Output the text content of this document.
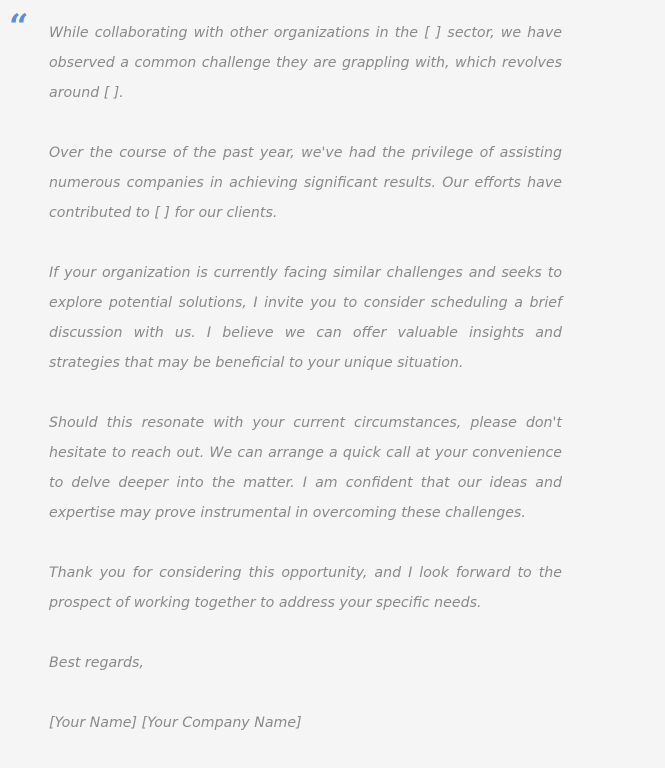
“ While collaborating with other organizations in the [ ] sector, we have observed a common challenge they are grappling with, which revolves around [ ].

Over the course of the past year, we've had the privilege of assisting numerous companies in achieving significant results. Our efforts have contributed to [ ] for our clients.

If your organization is currently facing similar challenges and seeks to explore potential solutions, I invite you to consider scheduling a brief discussion with us. I believe we can offer valuable insights and strategies that may be beneficial to your unique situation.

Should this resonate with your current circumstances, please don't hesitate to reach out. We can arrange a quick call at your convenience to delve deeper into the matter. I am confident that our ideas and expertise may prove instrumental in overcoming these challenges.

Thank you for considering this opportunity, and I look forward to the prospect of working together to address your specific needs.

Best regards,

[Your Name] [Your Company Name]
